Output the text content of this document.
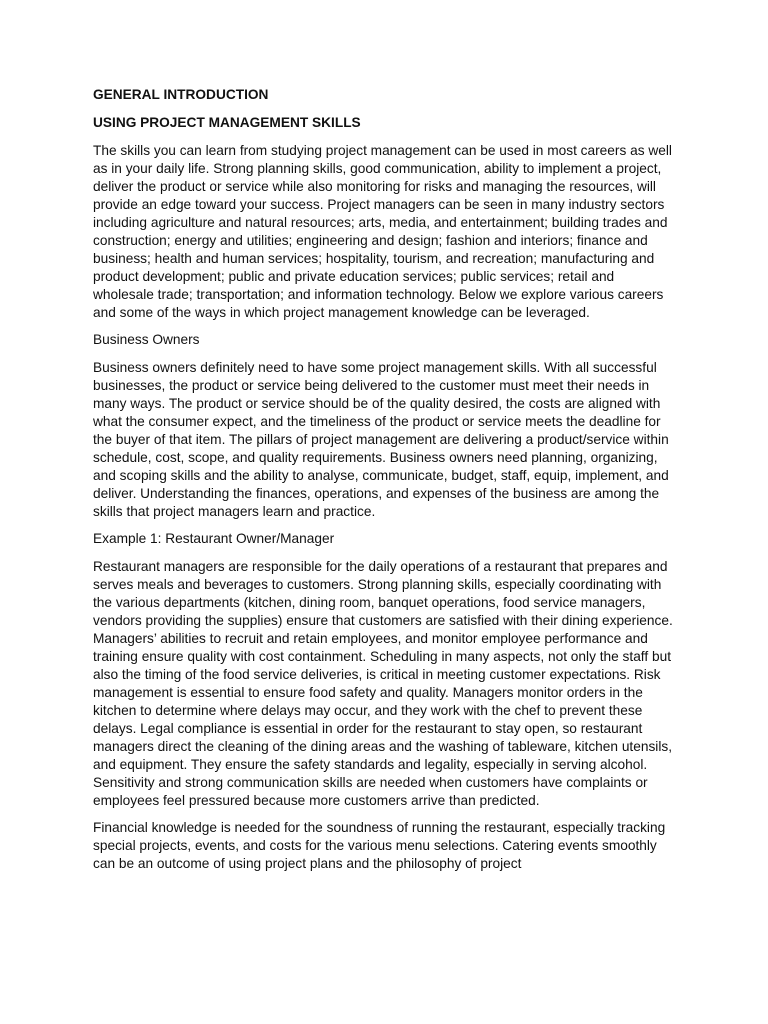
GENERAL INTRODUCTION
USING PROJECT MANAGEMENT SKILLS

The skills you can learn from studying project management can be used in most careers as well as in your daily life. Strong planning skills, good communication, ability to implement a project, deliver the product or service while also monitoring for risks and managing the resources, will provide an edge toward your success. Project managers can be seen in many industry sectors including agriculture and natural resources; arts, media, and entertainment; building trades and construction; energy and utilities; engineering and design; fashion and interiors; finance and business; health and human services; hospitality, tourism, and recreation; manufacturing and product development; public and private education services; public services; retail and wholesale trade; transportation; and information technology. Below we explore various careers and some of the ways in which project management knowledge can be leveraged.

Business Owners

Business owners definitely need to have some project management skills. With all successful businesses, the product or service being delivered to the customer must meet their needs in many ways. The product or service should be of the quality desired, the costs are aligned with what the consumer expect, and the timeliness of the product or service meets the deadline for the buyer of that item. The pillars of project management are delivering a product/service within schedule, cost, scope, and quality requirements. Business owners need planning, organizing, and scoping skills and the ability to analyse, communicate, budget, staff, equip, implement, and deliver. Understanding the finances, operations, and expenses of the business are among the skills that project managers learn and practice.

Example 1: Restaurant Owner/Manager

Restaurant managers are responsible for the daily operations of a restaurant that prepares and serves meals and beverages to customers. Strong planning skills, especially coordinating with the various departments (kitchen, dining room, banquet operations, food service managers, vendors providing the supplies) ensure that customers are satisfied with their dining experience. Managers’ abilities to recruit and retain employees, and monitor employee performance and training ensure quality with cost containment. Scheduling in many aspects, not only the staff but also the timing of the food service deliveries, is critical in meeting customer expectations. Risk management is essential to ensure food safety and quality. Managers monitor orders in the kitchen to determine where delays may occur, and they work with the chef to prevent these delays. Legal compliance is essential in order for the restaurant to stay open, so restaurant managers direct the cleaning of the dining areas and the washing of tableware, kitchen utensils, and equipment. They ensure the safety standards and legality, especially in serving alcohol. Sensitivity and strong communication skills are needed when customers have complaints or employees feel pressured because more customers arrive than predicted.

Financial knowledge is needed for the soundness of running the restaurant, especially tracking special projects, events, and costs for the various menu selections. Catering events smoothly can be an outcome of using project plans and the philosophy of project
